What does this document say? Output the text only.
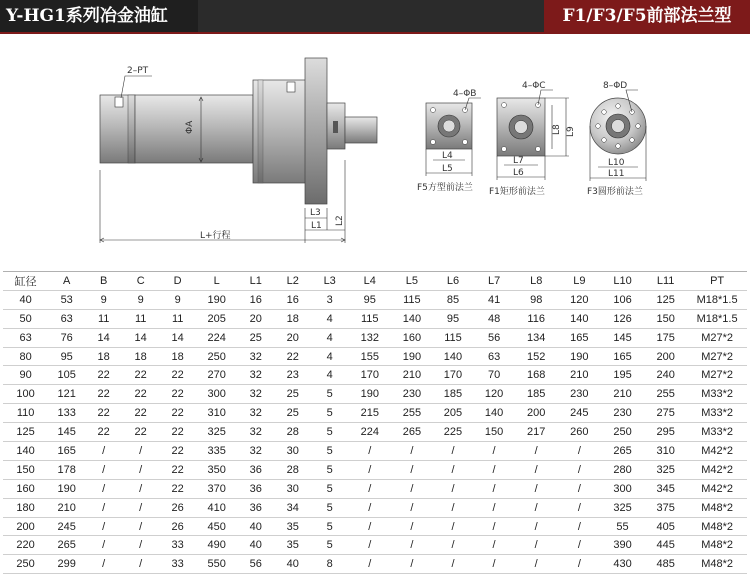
Y-HG1系列冶金油缸	F1/F3/F5前部法兰型
2–PT
ΦA
L3
L1 L2
L+行程
4–ΦB
L4
L5
F5方型前法兰
4–ΦC
L7
L6
L8 L9
F1矩形前法兰
8–ΦD
L10
L11
F3圆形前法兰
缸径	A	B	C	D	L	L1	L2	L3	L4	L5	L6	L7	L8	L9	L10	L11	PT
40	53	9	9	9	190	16	16	3	95	115	85	41	98	120	106	125	M18*1.5
50	63	11	11	11	205	20	18	4	115	140	95	48	116	140	126	150	M18*1.5
63	76	14	14	14	224	25	20	4	132	160	115	56	134	165	145	175	M27*2
80	95	18	18	18	250	32	22	4	155	190	140	63	152	190	165	200	M27*2
90	105	22	22	22	270	32	23	4	170	210	170	70	168	210	195	240	M27*2
100	121	22	22	22	300	32	25	5	190	230	185	120	185	230	210	255	M33*2
110	133	22	22	22	310	32	25	5	215	255	205	140	200	245	230	275	M33*2
125	145	22	22	22	325	32	28	5	224	265	225	150	217	260	250	295	M33*2
140	165	/	/	22	335	32	30	5	/	/	/	/	/	/	265	310	M42*2
150	178	/	/	22	350	36	28	5	/	/	/	/	/	/	280	325	M42*2
160	190	/	/	22	370	36	30	5	/	/	/	/	/	/	300	345	M42*2
180	210	/	/	26	410	36	34	5	/	/	/	/	/	/	325	375	M48*2
200	245	/	/	26	450	40	35	5	/	/	/	/	/	/	55	405	M48*2
220	265	/	/	33	490	40	35	5	/	/	/	/	/	/	390	445	M48*2
250	299	/	/	33	550	56	40	8	/	/	/	/	/	/	430	485	M48*2
